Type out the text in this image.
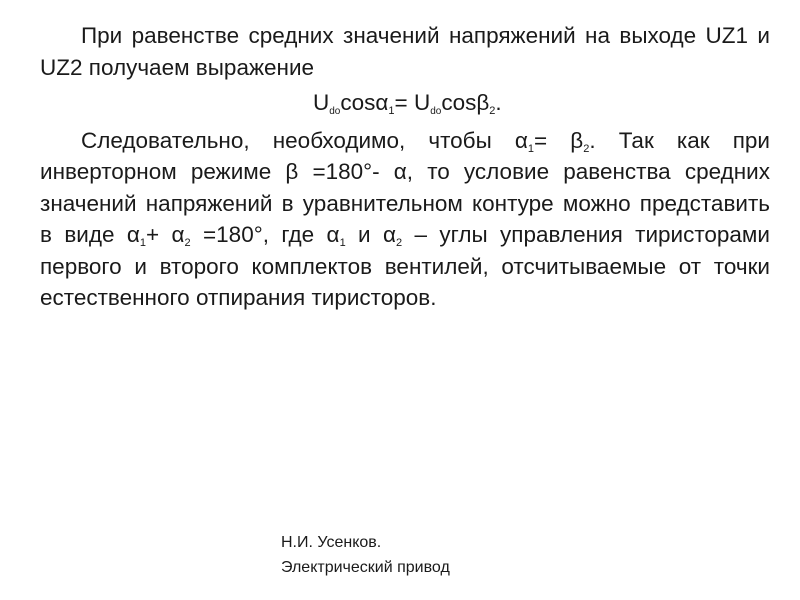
При равенстве средних значений напряжений на выходе UZ1 и UZ2 получаем выражение

Udocosα1= Udocosβ2.

Следовательно, необходимо, чтобы α1= β2. Так как при инверторном режиме β =180°- α, то условие равенства средних значений напряжений в уравнительном контуре можно представить в виде α1+ α2 =180°, где α1 и α2 – углы управления тиристорами первого и второго комплектов вентилей, отсчитываемые от точки естественного отпирания тиристоров.

Н.И. Усенков.
Электрический привод
